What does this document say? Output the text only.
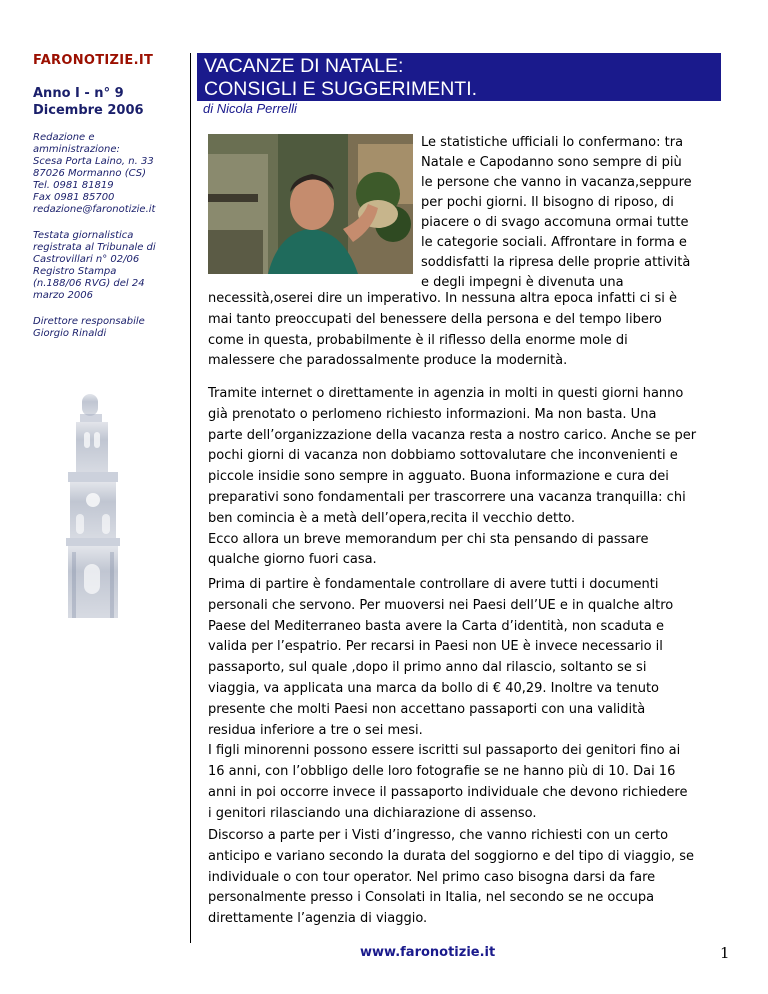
FARONOTIZIE.IT
Anno I - n° 9
Dicembre 2006
Redazione e
amministrazione:
Scesa Porta Laino, n. 33
87026 Mormanno (CS)
Tel. 0981 81819
Fax 0981 85700
redazione@faronotizie.it
Testata giornalistica
registrata al Tribunale di
Castrovillari n° 02/06
Registro Stampa
(n.188/06 RVG) del 24
marzo 2006
Direttore responsabile
Giorgio Rinaldi
VACANZE DI NATALE:
CONSIGLI E SUGGERIMENTI.
di Nicola Perrelli
Le statistiche ufficiali lo confermano: tra
Natale e Capodanno sono sempre di più
le persone che vanno in vacanza,seppure
per pochi giorni. Il bisogno di riposo, di
piacere o di svago accomuna ormai tutte
le categorie sociali. Affrontare in forma e
soddisfatti la ripresa delle proprie attività
e degli impegni è divenuta una
necessità,oserei dire un imperativo. In nessuna altra epoca infatti ci si è
mai tanto preoccupati del benessere della persona e del tempo libero
come in questa, probabilmente è il riflesso della enorme mole di
malessere che paradossalmente produce la modernità.
Tramite internet o direttamente in agenzia in molti in questi giorni hanno
già prenotato o perlomeno richiesto informazioni. Ma non basta. Una
parte dell’organizzazione della vacanza resta a nostro carico. Anche se per
pochi giorni di vacanza non dobbiamo sottovalutare che inconvenienti e
piccole insidie sono sempre in agguato. Buona informazione e cura dei
preparativi sono fondamentali per trascorrere una vacanza tranquilla: chi
ben comincia è a metà dell’opera,recita il vecchio detto.
Ecco allora un breve memorandum per chi sta pensando di passare
qualche giorno fuori casa.
Prima di partire è fondamentale controllare di avere tutti i documenti
personali che servono. Per muoversi nei Paesi dell’UE e in qualche altro
Paese del Mediterraneo basta avere la Carta d’identità, non scaduta e
valida per l’espatrio. Per recarsi in Paesi non UE è invece necessario il
passaporto, sul quale ,dopo il primo anno dal rilascio, soltanto se si
viaggia, va applicata una marca da bollo di € 40,29. Inoltre va tenuto
presente che molti Paesi non accettano passaporti con una validità
residua inferiore a tre o sei mesi.
I figli minorenni possono essere iscritti sul passaporto dei genitori fino ai
16 anni, con l’obbligo delle loro fotografie se ne hanno più di 10. Dai 16
anni in poi occorre invece il passaporto individuale che devono richiedere
i genitori rilasciando una dichiarazione di assenso.
Discorso a parte per i Visti d’ingresso, che vanno richiesti con un certo
anticipo e variano secondo la durata del soggiorno e del tipo di viaggio, se
individuale o con tour operator. Nel primo caso bisogna darsi da fare
personalmente presso i Consolati in Italia, nel secondo se ne occupa
direttamente l’agenzia di viaggio.
www.faronotizie.it	1
